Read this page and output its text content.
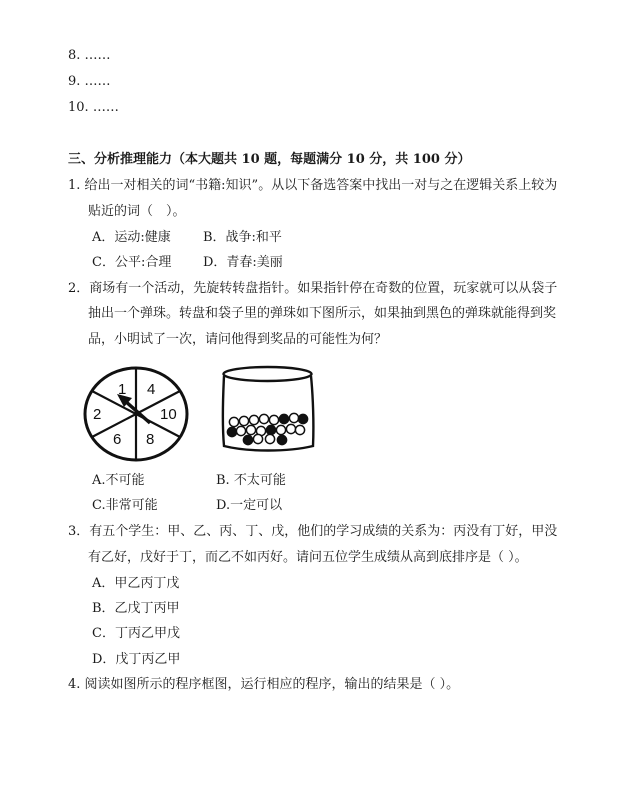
8. ……
9. ……
10. ……
三、分析推理能力（本大题共 10 题，每题满分 10 分，共 100 分）
1. 给出一对相关的词“书籍:知识”。从以下备选答案中找出一对与之在逻辑关系上较为
贴近的词（　）。
A．运动:健康 B．战争:和平
C．公平:合理 D．青春:美丽
2．商场有一个活动，先旋转转盘指针。如果指针停在奇数的位置，玩家就可以从袋子
抽出一个弹珠。转盘和袋子里的弹珠如下图所示，如果抽到黑色的弹珠就能得到奖
品，小明试了一次，请问他得到奖品的可能性为何？
1 4
10
8
6
2
A.不可能	B. 不太可能
C.非常可能	D.一定可以
3．有五个学生：甲、乙、丙、丁、戊，他们的学习成绩的关系为：丙没有丁好，甲没
有乙好，戊好于丁，而乙不如丙好。请问五位学生成绩从高到底排序是（ ）。
A．甲乙丙丁戊
B．乙戊丁丙甲
C．丁丙乙甲戊
D．戊丁丙乙甲
4. 阅读如图所示的程序框图，运行相应的程序，输出的结果是（ ）。
